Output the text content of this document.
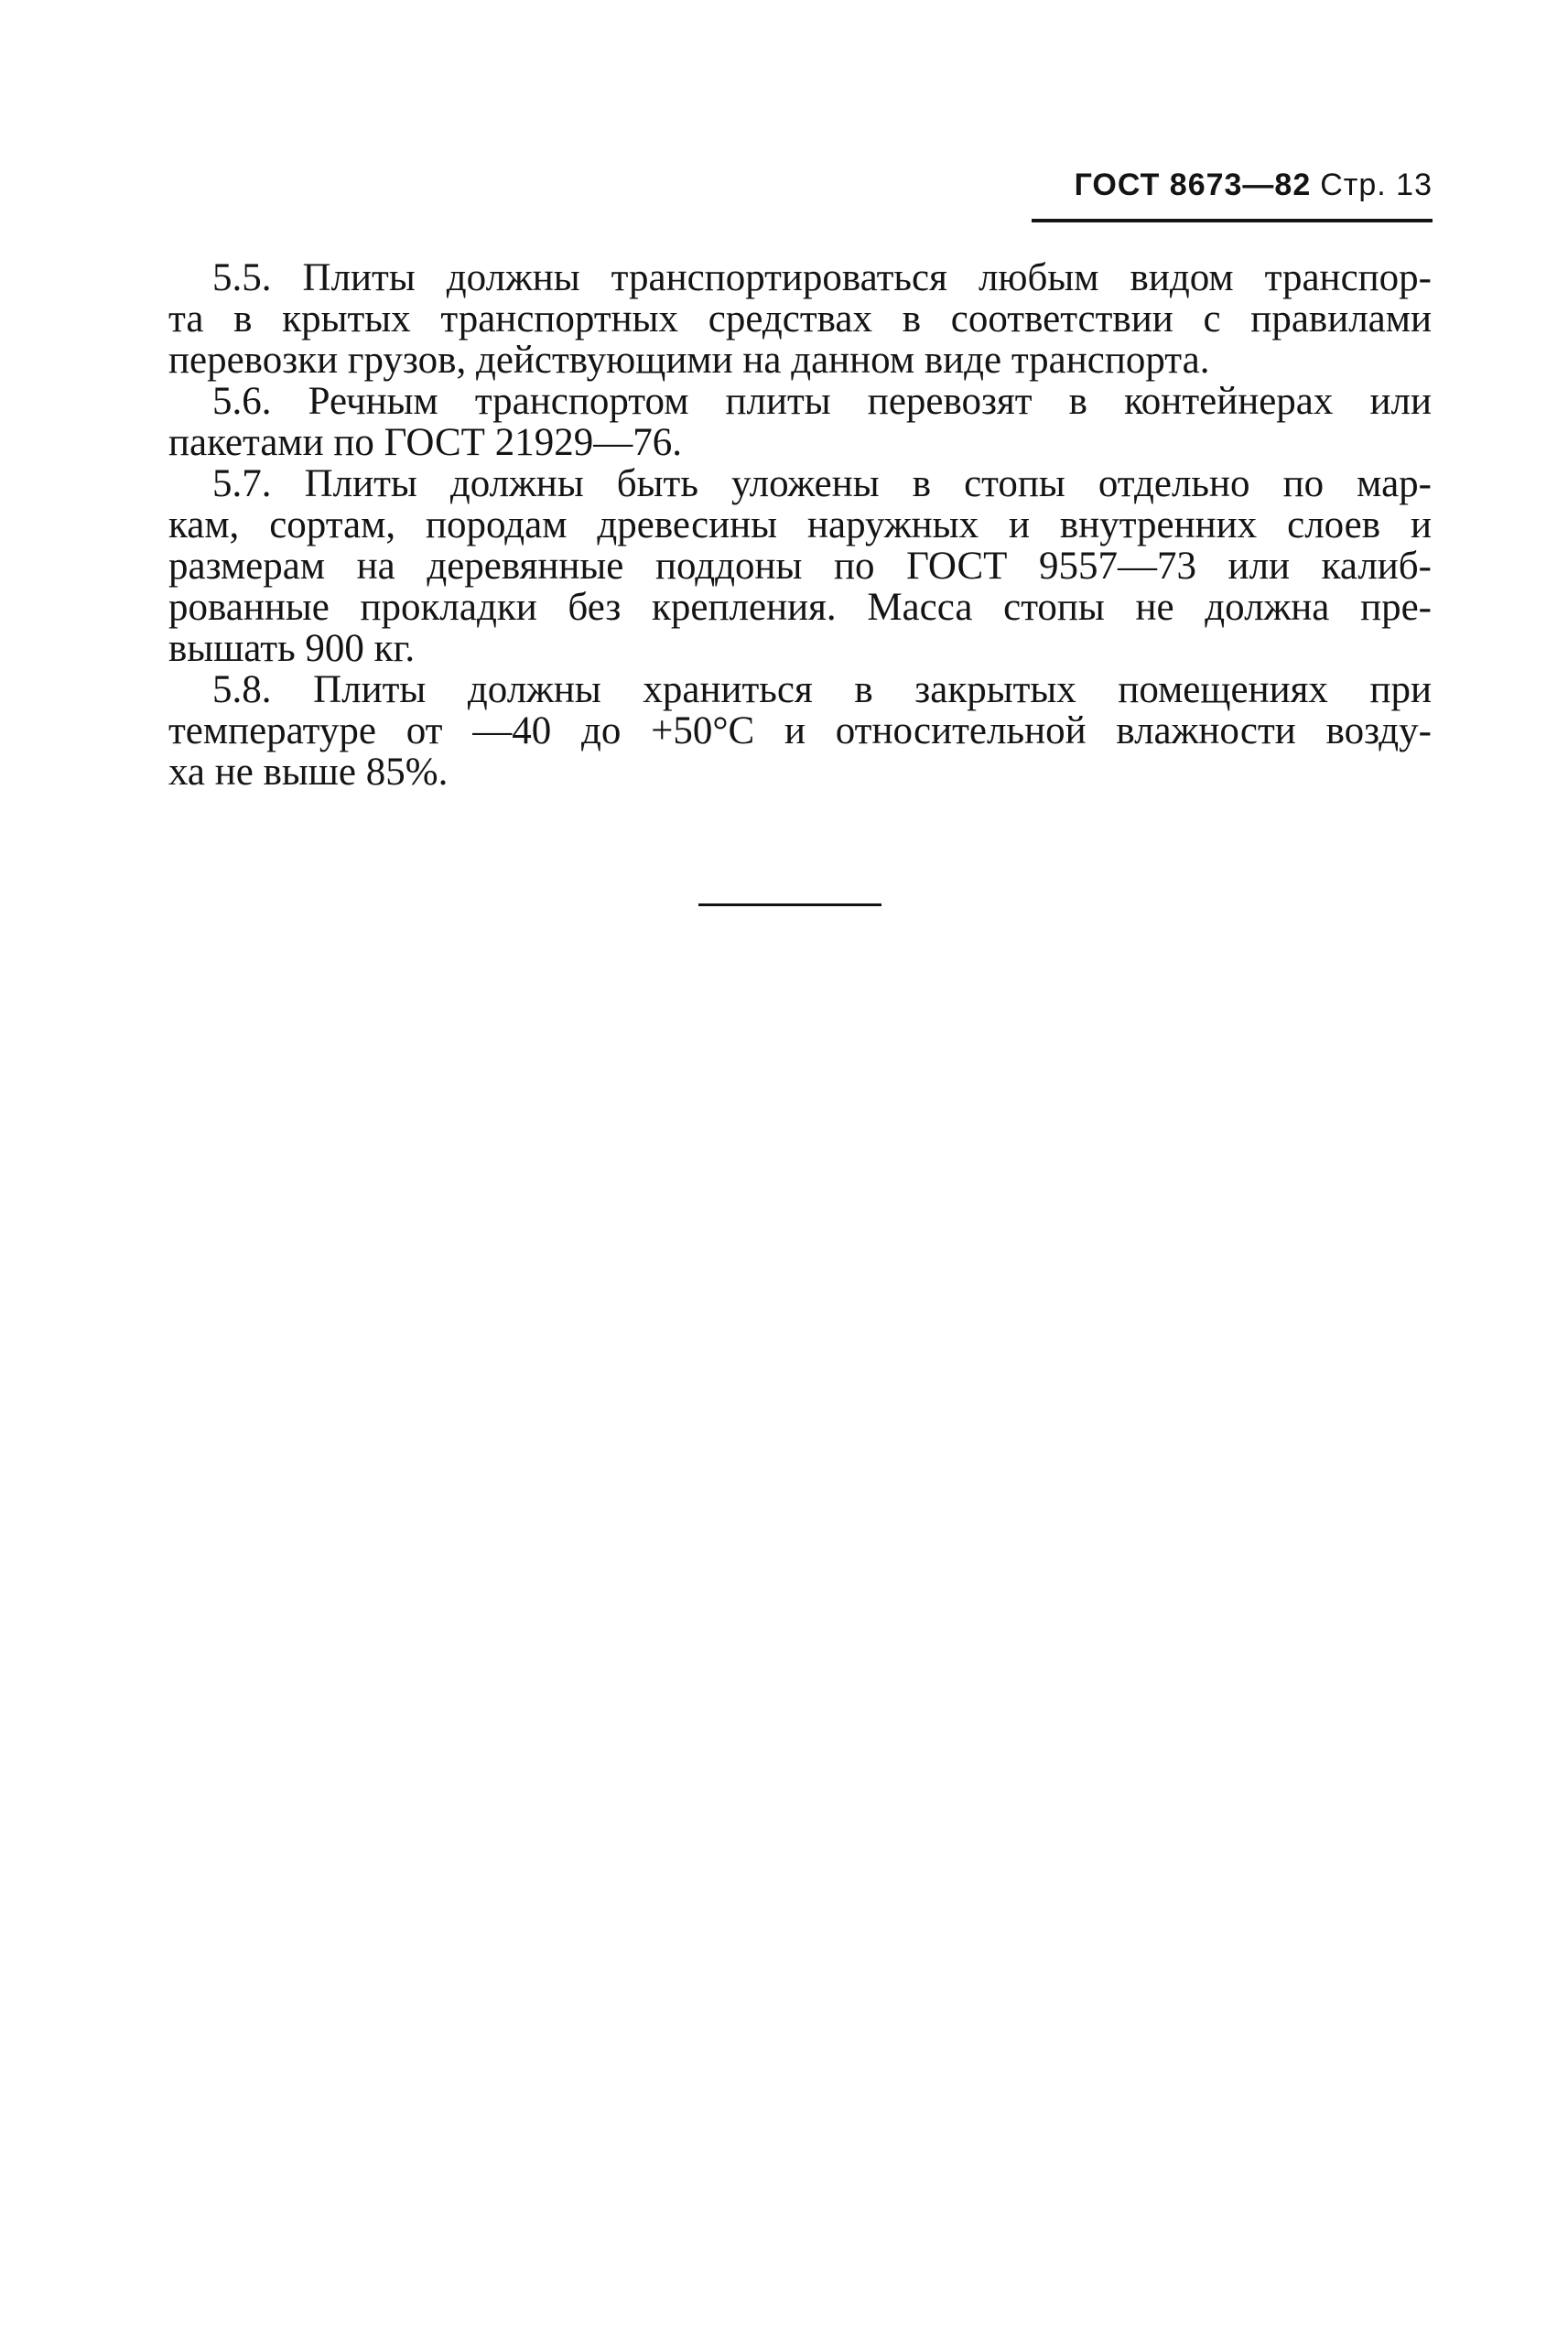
ГОСТ 8673—82 Стр. 13
5.5. Плиты должны транспортироваться любым видом транспор-
та в крытых транспортных средствах в соответствии с правилами
перевозки грузов, действующими на данном виде транспорта.
5.6. Речным транспортом плиты перевозят в контейнерах или
пакетами по ГОСТ 21929—76.
5.7. Плиты должны быть уложены в стопы отдельно по мар-
кам, сортам, породам древесины наружных и внутренних слоев и
размерам на деревянные поддоны по ГОСТ 9557—73 или калиб-
рованные прокладки без крепления. Масса стопы не должна пре-
вышать 900 кг.
5.8. Плиты должны храниться в закрытых помещениях при
температуре от —40 до +50°С и относительной влажности возду-
ха не выше 85%.
